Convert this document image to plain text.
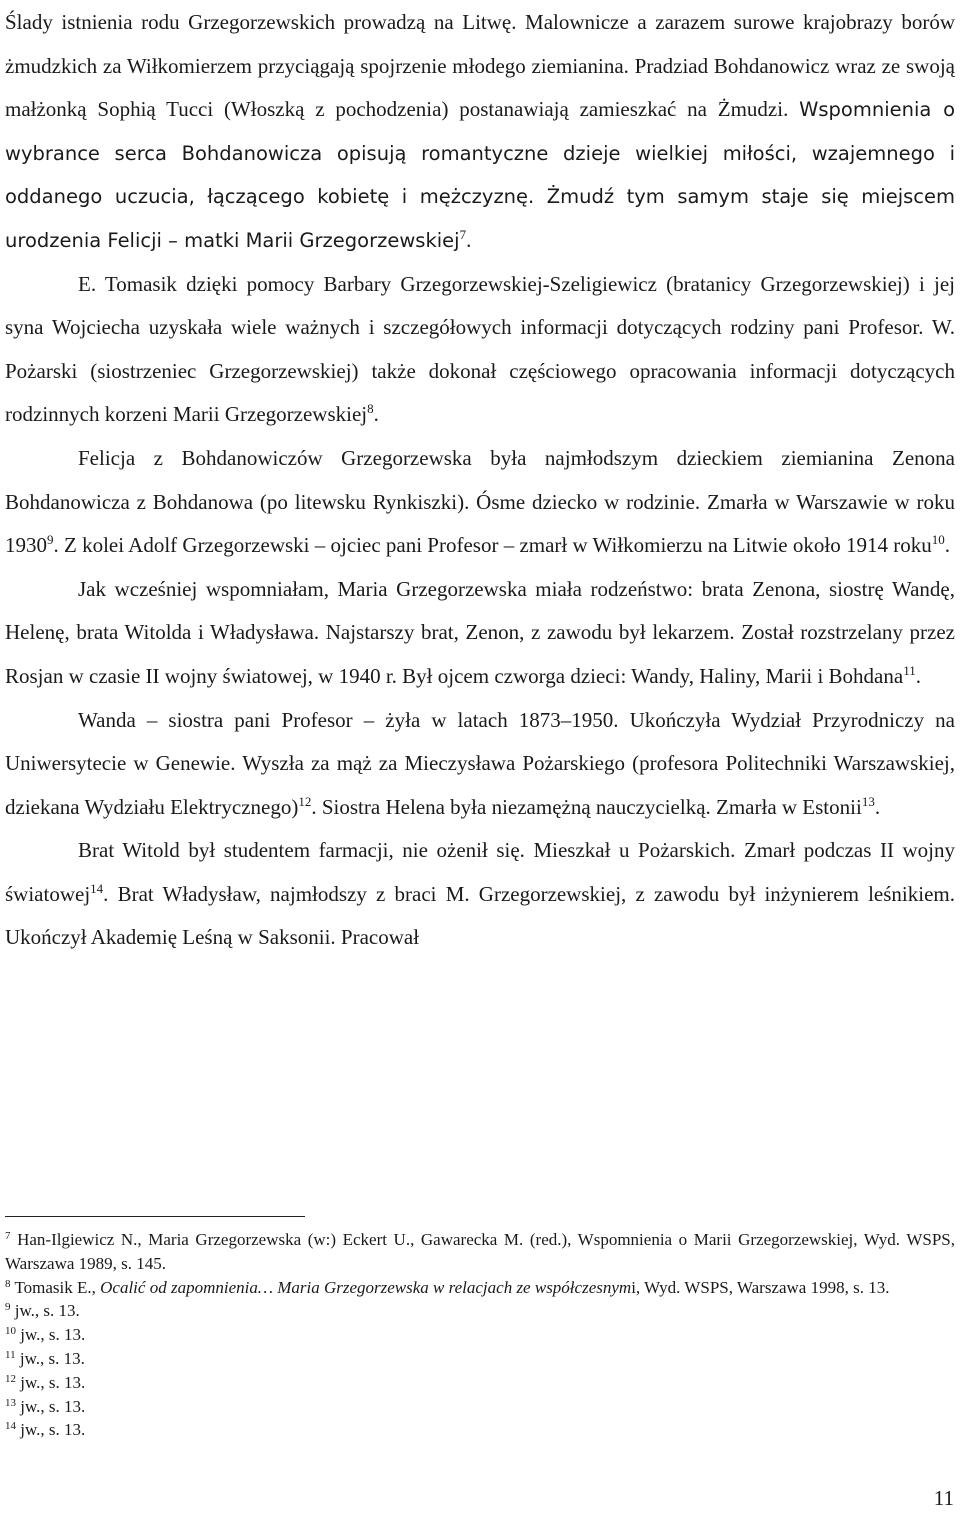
Ślady istnienia rodu Grzegorzewskich prowadzą na Litwę. Malownicze a zarazem surowe krajobrazy borów żmudzkich za Wiłkomierzem przyciągają spojrzenie młodego ziemianina. Pradziad Bohdanowicz wraz ze swoją małżonką Sophią Tucci (Włoszką z pochodzenia) postanawiają zamieszkać na Żmudzi. Wspomnienia o wybrance serca Bohdanowicza opisują romantyczne dzieje wielkiej miłości, wzajemnego i oddanego uczucia, łączącego kobietę i mężczyznę. Żmudź tym samym staje się miejscem urodzenia Felicji – matki Marii Grzegorzewskiej$^7$.

E. Tomasik dzięki pomocy Barbary Grzegorzewskiej-Szeligiewicz (bratanicy Grzegorzewskiej) i jej syna Wojciecha uzyskała wiele ważnych i szczegółowych informacji dotyczących rodziny pani Profesor. W. Pożarski (siostrzeniec Grzegorzewskiej) także dokonał częściowego opracowania informacji dotyczących rodzinnych korzeni Marii Grzegorzewskiej$^8$.

Felicja z Bohdanowiczów Grzegorzewska była najmłodszym dzieckiem ziemianina Zenona Bohdanowicza z Bohdanowa (po litewsku Rynkiszki). Ósme dziecko w rodzinie. Zmarła w Warszawie w roku 1930$^9$. Z kolei Adolf Grzegorzewski – ojciec pani Profesor – zmarł w Wiłkomierzu na Litwie około 1914 roku$^{10}$.

Jak wcześniej wspomniałam, Maria Grzegorzewska miała rodzeństwo: brata Zenona, siostrę Wandę, Helenę, brata Witolda i Władysława. Najstarszy brat, Zenon, z zawodu był lekarzem. Został rozstrzelany przez Rosjan w czasie II wojny światowej, w 1940 r. Był ojcem czworga dzieci: Wandy, Haliny, Marii i Bohdana$^{11}$.

Wanda – siostra pani Profesor – żyła w latach 1873–1950. Ukończyła Wydział Przyrodniczy na Uniwersytecie w Genewie. Wyszła za mąż za Mieczysława Pożarskiego (profesora Politechniki Warszawskiej, dziekana Wydziału Elektrycznego)$^{12}$. Siostra Helena była niezamężną nauczycielką. Zmarła w Estonii$^{13}$.

Brat Witold był studentem farmacji, nie ożenił się. Mieszkał u Pożarskich. Zmarł podczas II wojny światowej$^{14}$. Brat Władysław, najmłodszy z braci M. Grzegorzewskiej, z zawodu był inżynierem leśnikiem. Ukończył Akademię Leśną w Saksonii. Pracował

$^7$ Han-Ilgiewicz N., Maria Grzegorzewska (w:) Eckert U., Gawarecka M. (red.), Wspomnienia o Marii Grzegorzewskiej, Wyd. WSPS, Warszawa 1989, s. 145.

$^8$ Tomasik E., Ocalić od zapomnienia… Maria Grzegorzewska w relacjach ze współczesnymi, Wyd. WSPS, Warszawa 1998, s. 13.

$^9$ jw., s. 13.

$^{10}$ jw., s. 13.

$^{11}$ jw., s. 13.

$^{12}$ jw., s. 13.

$^{13}$ jw., s. 13.

$^{14}$ jw., s. 13.

11
